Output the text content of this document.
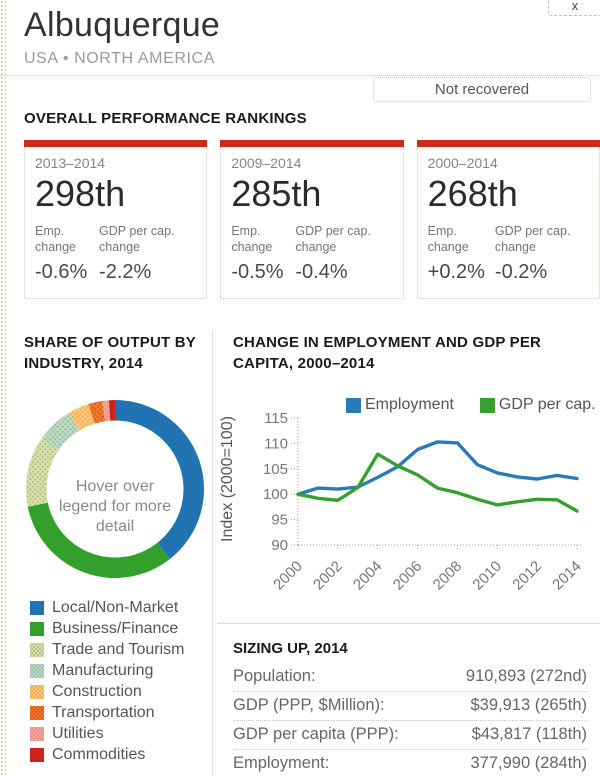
x
Albuquerque
USA • NORTH AMERICA
Not recovered
OVERALL PERFORMANCE RANKINGS
2013–2014
298th
Emp. change
-0.6%
GDP per cap. change
-2.2%
2009–2014
285th
Emp. change
-0.5%
GDP per cap. change
-0.4%
2000–2014
268th
Emp. change
+0.2%
GDP per cap. change
-0.2%
SHARE OF OUTPUT BY INDUSTRY, 2014
Hover over legend for more detail
Local/Non-Market
Business/Finance
Trade and Tourism
Manufacturing
Construction
Transportation
Utilities
Commodities
CHANGE IN EMPLOYMENT AND GDP PER CAPITA, 2000–2014
Employment	GDP per cap.
Index (2000=100)
90
95
100
105
110
115
2000 2002 2004 2006 2008 2010 2012 2014
SIZING UP, 2014
Population:	910,893 (272nd)
GDP (PPP, $Million):	$39,913 (265th)
GDP per capita (PPP):	$43,817 (118th)
Employment:	377,990 (284th)
